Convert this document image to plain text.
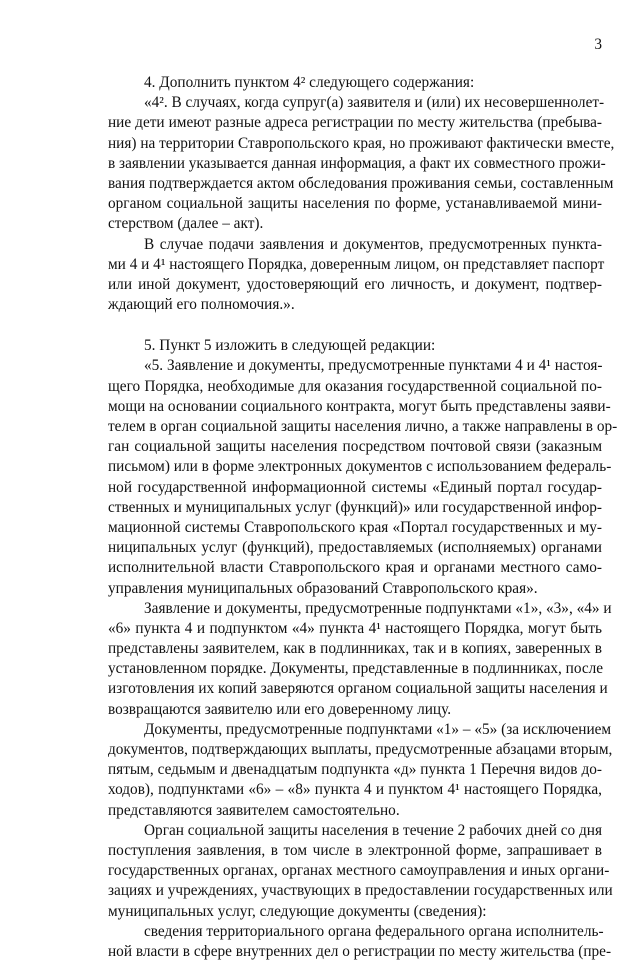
3
4. Дополнить пунктом 4² следующего содержания:
«4². В случаях, когда супруг(а) заявителя и (или) их несовершеннолет-
ние дети имеют разные адреса регистрации по месту жительства (пребыва-
ния) на территории Ставропольского края, но проживают фактически вместе,
в заявлении указывается данная информация, а факт их совместного прожи-
вания подтверждается актом обследования проживания семьи, составленным
органом социальной защиты населения по форме, устанавливаемой мини-
стерством (далее – акт).
В случае подачи заявления и документов, предусмотренных пункта-
ми 4 и 4¹ настоящего Порядка, доверенным лицом, он представляет паспорт
или иной документ, удостоверяющий его личность, и документ, подтвер-
ждающий его полномочия.».
5. Пункт 5 изложить в следующей редакции:
«5. Заявление и документы, предусмотренные пунктами 4 и 4¹ настоя-
щего Порядка, необходимые для оказания государственной социальной по-
мощи на основании социального контракта, могут быть представлены заяви-
телем в орган социальной защиты населения лично, а также направлены в ор-
ган социальной защиты населения посредством почтовой связи (заказным
письмом) или в форме электронных документов с использованием федераль-
ной государственной информационной системы «Единый портал государ-
ственных и муниципальных услуг (функций)» или государственной инфор-
мационной системы Ставропольского края «Портал государственных и му-
ниципальных услуг (функций), предоставляемых (исполняемых) органами
исполнительной власти Ставропольского края и органами местного само-
управления муниципальных образований Ставропольского края».
Заявление и документы, предусмотренные подпунктами «1», «3», «4» и
«6» пункта 4 и подпунктом «4» пункта 4¹ настоящего Порядка, могут быть
представлены заявителем, как в подлинниках, так и в копиях, заверенных в
установленном порядке. Документы, представленные в подлинниках, после
изготовления их копий заверяются органом социальной защиты населения и
возвращаются заявителю или его доверенному лицу.
Документы, предусмотренные подпунктами «1» – «5» (за исключением
документов, подтверждающих выплаты, предусмотренные абзацами вторым,
пятым, седьмым и двенадцатым подпункта «д» пункта 1 Перечня видов до-
ходов), подпунктами «6» – «8» пункта 4 и пунктом 4¹ настоящего Порядка,
представляются заявителем самостоятельно.
Орган социальной защиты населения в течение 2 рабочих дней со дня
поступления заявления, в том числе в электронной форме, запрашивает в
государственных органах, органах местного самоуправления и иных органи-
зациях и учреждениях, участвующих в предоставлении государственных или
муниципальных услуг, следующие документы (сведения):
сведения территориального органа федерального органа исполнитель-
ной власти в сфере внутренних дел о регистрации по месту жительства (пре-
